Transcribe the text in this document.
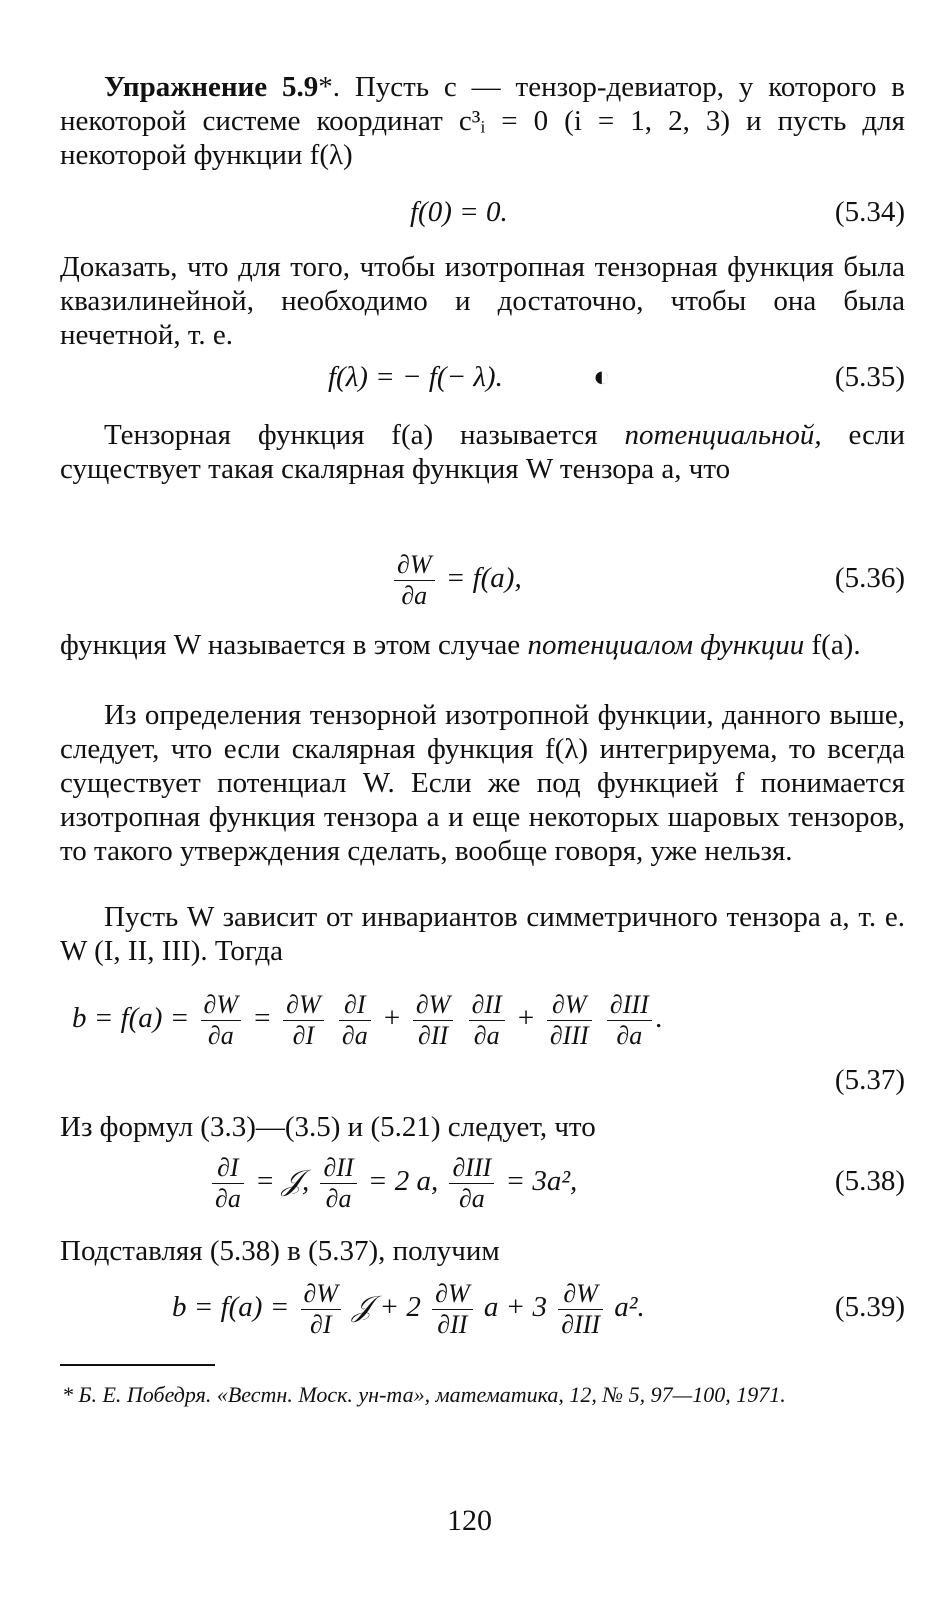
Упражнение 5.9*. Пусть c — тензор-девиатор, у которого в некоторой системе координат c³ᵢ = 0 (i = 1, 2, 3) и пусть для некоторой функции f(λ)

f(0) = 0.	(5.34)

Доказать, что для того, чтобы изотропная тензорная функция была квазилинейной, необходимо и достаточно, чтобы она была нечетной, т. е.

f(λ) = − f(− λ).	◐	(5.35)

Тензорная функция f(a) называется потенциальной, если существует такая скалярная функция W тензора a, что

$\frac{\partial W}{\partial a} = f(a)$,	(5.36)

функция W называется в этом случае потенциалом функции f(a).

Из определения тензорной изотропной функции, данного выше, следует, что если скалярная функция f(λ) интегрируема, то всегда существует потенциал W. Если же под функцией f понимается изотропная функция тензора a и еще некоторых шаровых тензоров, то такого утверждения сделать, вообще говоря, уже нельзя.

Пусть W зависит от инвариантов симметричного тензора a, т. е. W (I, II, III). Тогда

$b = f(a) = \frac{\partial W}{\partial a} = \frac{\partial W}{\partial I}$
$\frac{\partial I}{\partial a} + \frac{\partial W}{\partial II}$
$\frac{\partial II}{\partial a} + \frac{\partial W}{\text{∂III}}$
$\frac{\text{∂III}}{\partial a}$ .
(5.37)

Из формул (3.3)—(3.5) и (5.21) следует, что

$\frac{\partial I}{\partial a}$ = 𝒥, $\frac{\partial II}{\partial a} = 2$ a, $\frac{\text{∂III}}{\partial a} = 3a^2$,	(5.38)

Подставляя (5.38) в (5.37), получим

$b = f(a) = \frac{\partial W}{\partial I}$ 𝒥 + $2 \frac{\partial W}{\partial II}$ $a + 3 \frac{\partial W}{\text{∂III}} a^2$.	(5.39)

* Б. Е. Победря. «Вестн. Моск. ун-та», математика, 12, № 5, 97—100, 1971.

120
